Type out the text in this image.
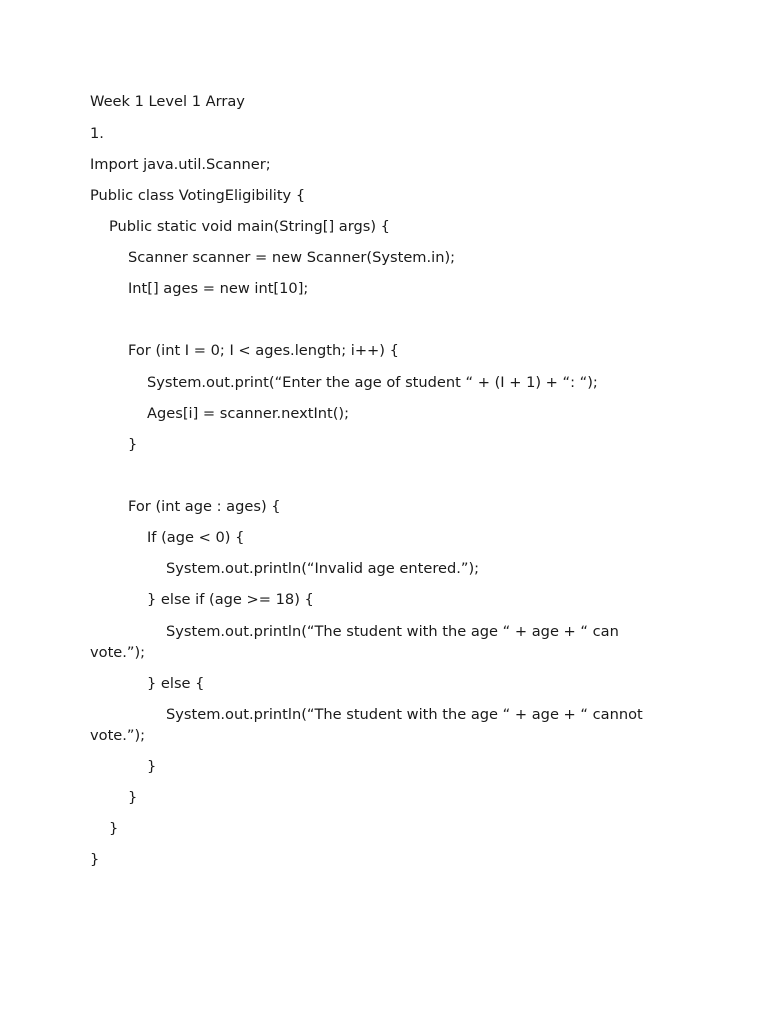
Week 1 Level 1 Array
1.
Import java.util.Scanner;
Public class VotingEligibility {
Public static void main(String[] args) {
Scanner scanner = new Scanner(System.in);
Int[] ages = new int[10];
For (int I = 0; I < ages.length; i++) {
System.out.print(“Enter the age of student “ + (I + 1) + “: “);
Ages[i] = scanner.nextInt();
}
For (int age : ages) {
If (age < 0) {
System.out.println(“Invalid age entered.”);
} else if (age >= 18) {
System.out.println(“The student with the age “ + age + “ can vote.”);
} else {
System.out.println(“The student with the age “ + age + “ cannot vote.”);
}
}
}
}
